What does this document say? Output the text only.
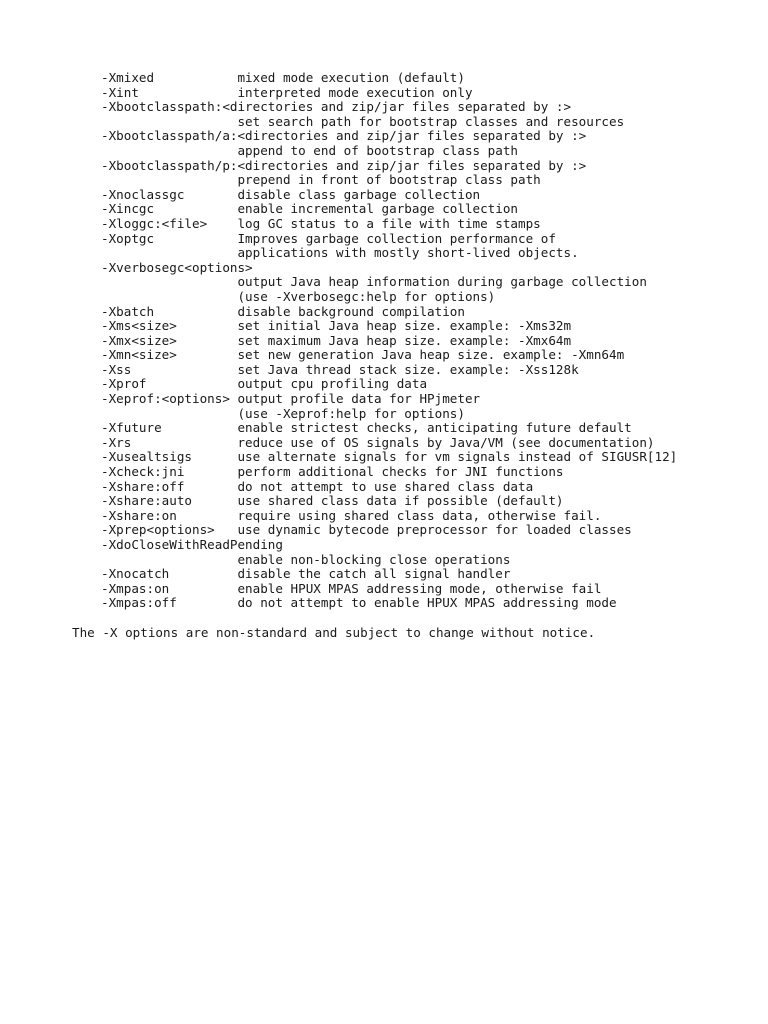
-Xmixed           mixed mode execution (default)
-Xint             interpreted mode execution only
-Xbootclasspath:<directories and zip/jar files separated by :>
set search path for bootstrap classes and resources
-Xbootclasspath/a:<directories and zip/jar files separated by :>
append to end of bootstrap class path
-Xbootclasspath/p:<directories and zip/jar files separated by :>
prepend in front of bootstrap class path
-Xnoclassgc       disable class garbage collection
-Xincgc           enable incremental garbage collection
-Xloggc:<file>    log GC status to a file with time stamps
-Xoptgc           Improves garbage collection performance of
applications with mostly short-lived objects.
-Xverbosegc<options>
output Java heap information during garbage collection
(use -Xverbosegc:help for options)
-Xbatch           disable background compilation
-Xms<size>        set initial Java heap size. example: -Xms32m
-Xmx<size>        set maximum Java heap size. example: -Xmx64m
-Xmn<size>        set new generation Java heap size. example: -Xmn64m
-Xss              set Java thread stack size. example: -Xss128k
-Xprof            output cpu profiling data
-Xeprof:<options> output profile data for HPjmeter
(use -Xeprof:help for options)
-Xfuture          enable strictest checks, anticipating future default
-Xrs              reduce use of OS signals by Java/VM (see documentation)
-Xusealtsigs      use alternate signals for vm signals instead of SIGUSR[12]
-Xcheck:jni       perform additional checks for JNI functions
-Xshare:off       do not attempt to use shared class data
-Xshare:auto      use shared class data if possible (default)
-Xshare:on        require using shared class data, otherwise fail.
-Xprep<options>   use dynamic bytecode preprocessor for loaded classes
-XdoCloseWithReadPending
enable non-blocking close operations
-Xnocatch         disable the catch all signal handler
-Xmpas:on         enable HPUX MPAS addressing mode, otherwise fail
-Xmpas:off        do not attempt to enable HPUX MPAS addressing mode
The -X options are non-standard and subject to change without notice.
